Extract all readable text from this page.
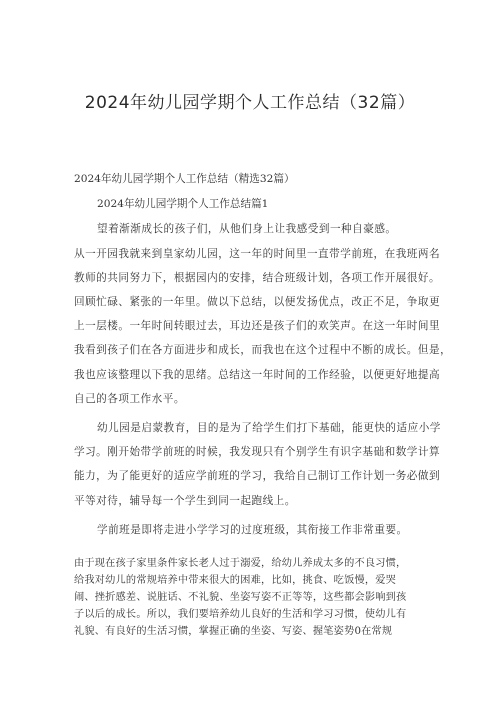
2024年幼儿园学期个人工作总结（32篇）
2024年幼儿园学期个人工作总结（精选32篇）
2024年幼儿园学期个人工作总结篇1
望着渐渐成长的孩子们，从他们身上让我感受到一种自豪感。
从一开园我就来到皇家幼儿园，这一年的时间里一直带学前班，在我班两名
教师的共同努力下，根据园内的安排，结合班级计划，各项工作开展很好。
回顾忙碌、紧张的一年里。做以下总结，以便发扬优点，改正不足，争取更
上一层楼。一年时间转眼过去，耳边还是孩子们的欢笑声。在这一年时间里
我看到孩子们在各方面进步和成长，而我也在这个过程中不断的成长。但是，
我也应该整理以下我的思绪。总结这一年时间的工作经验，以便更好地提高
自己的各项工作水平。
幼儿园是启蒙教育，目的是为了给学生们打下基础，能更快的适应小学
学习。刚开始带学前班的时候，我发现只有个别学生有识字基础和数学计算
能力，为了能更好的适应学前班的学习，我给自己制订工作计划一务必做到
平等对待，辅导每一个学生到同一起跑线上。
学前班是即将走进小学学习的过度班级，其衔接工作非常重要。
由于现在孩子家里条件家长老人过于溺爱，给幼儿养成太多的不良习惯，
给我对幼儿的常规培养中带来很大的困难，比如，挑食、吃饭慢，爱哭
闹、挫折感差、说脏话、不礼貌、坐姿写姿不正等等，这些都会影响到孩
子以后的成长。所以，我们要培养幼儿良好的生活和学习习惯，使幼儿有
礼貌、有良好的生活习惯，掌握正确的坐姿、写姿、握笔姿势0在常规
